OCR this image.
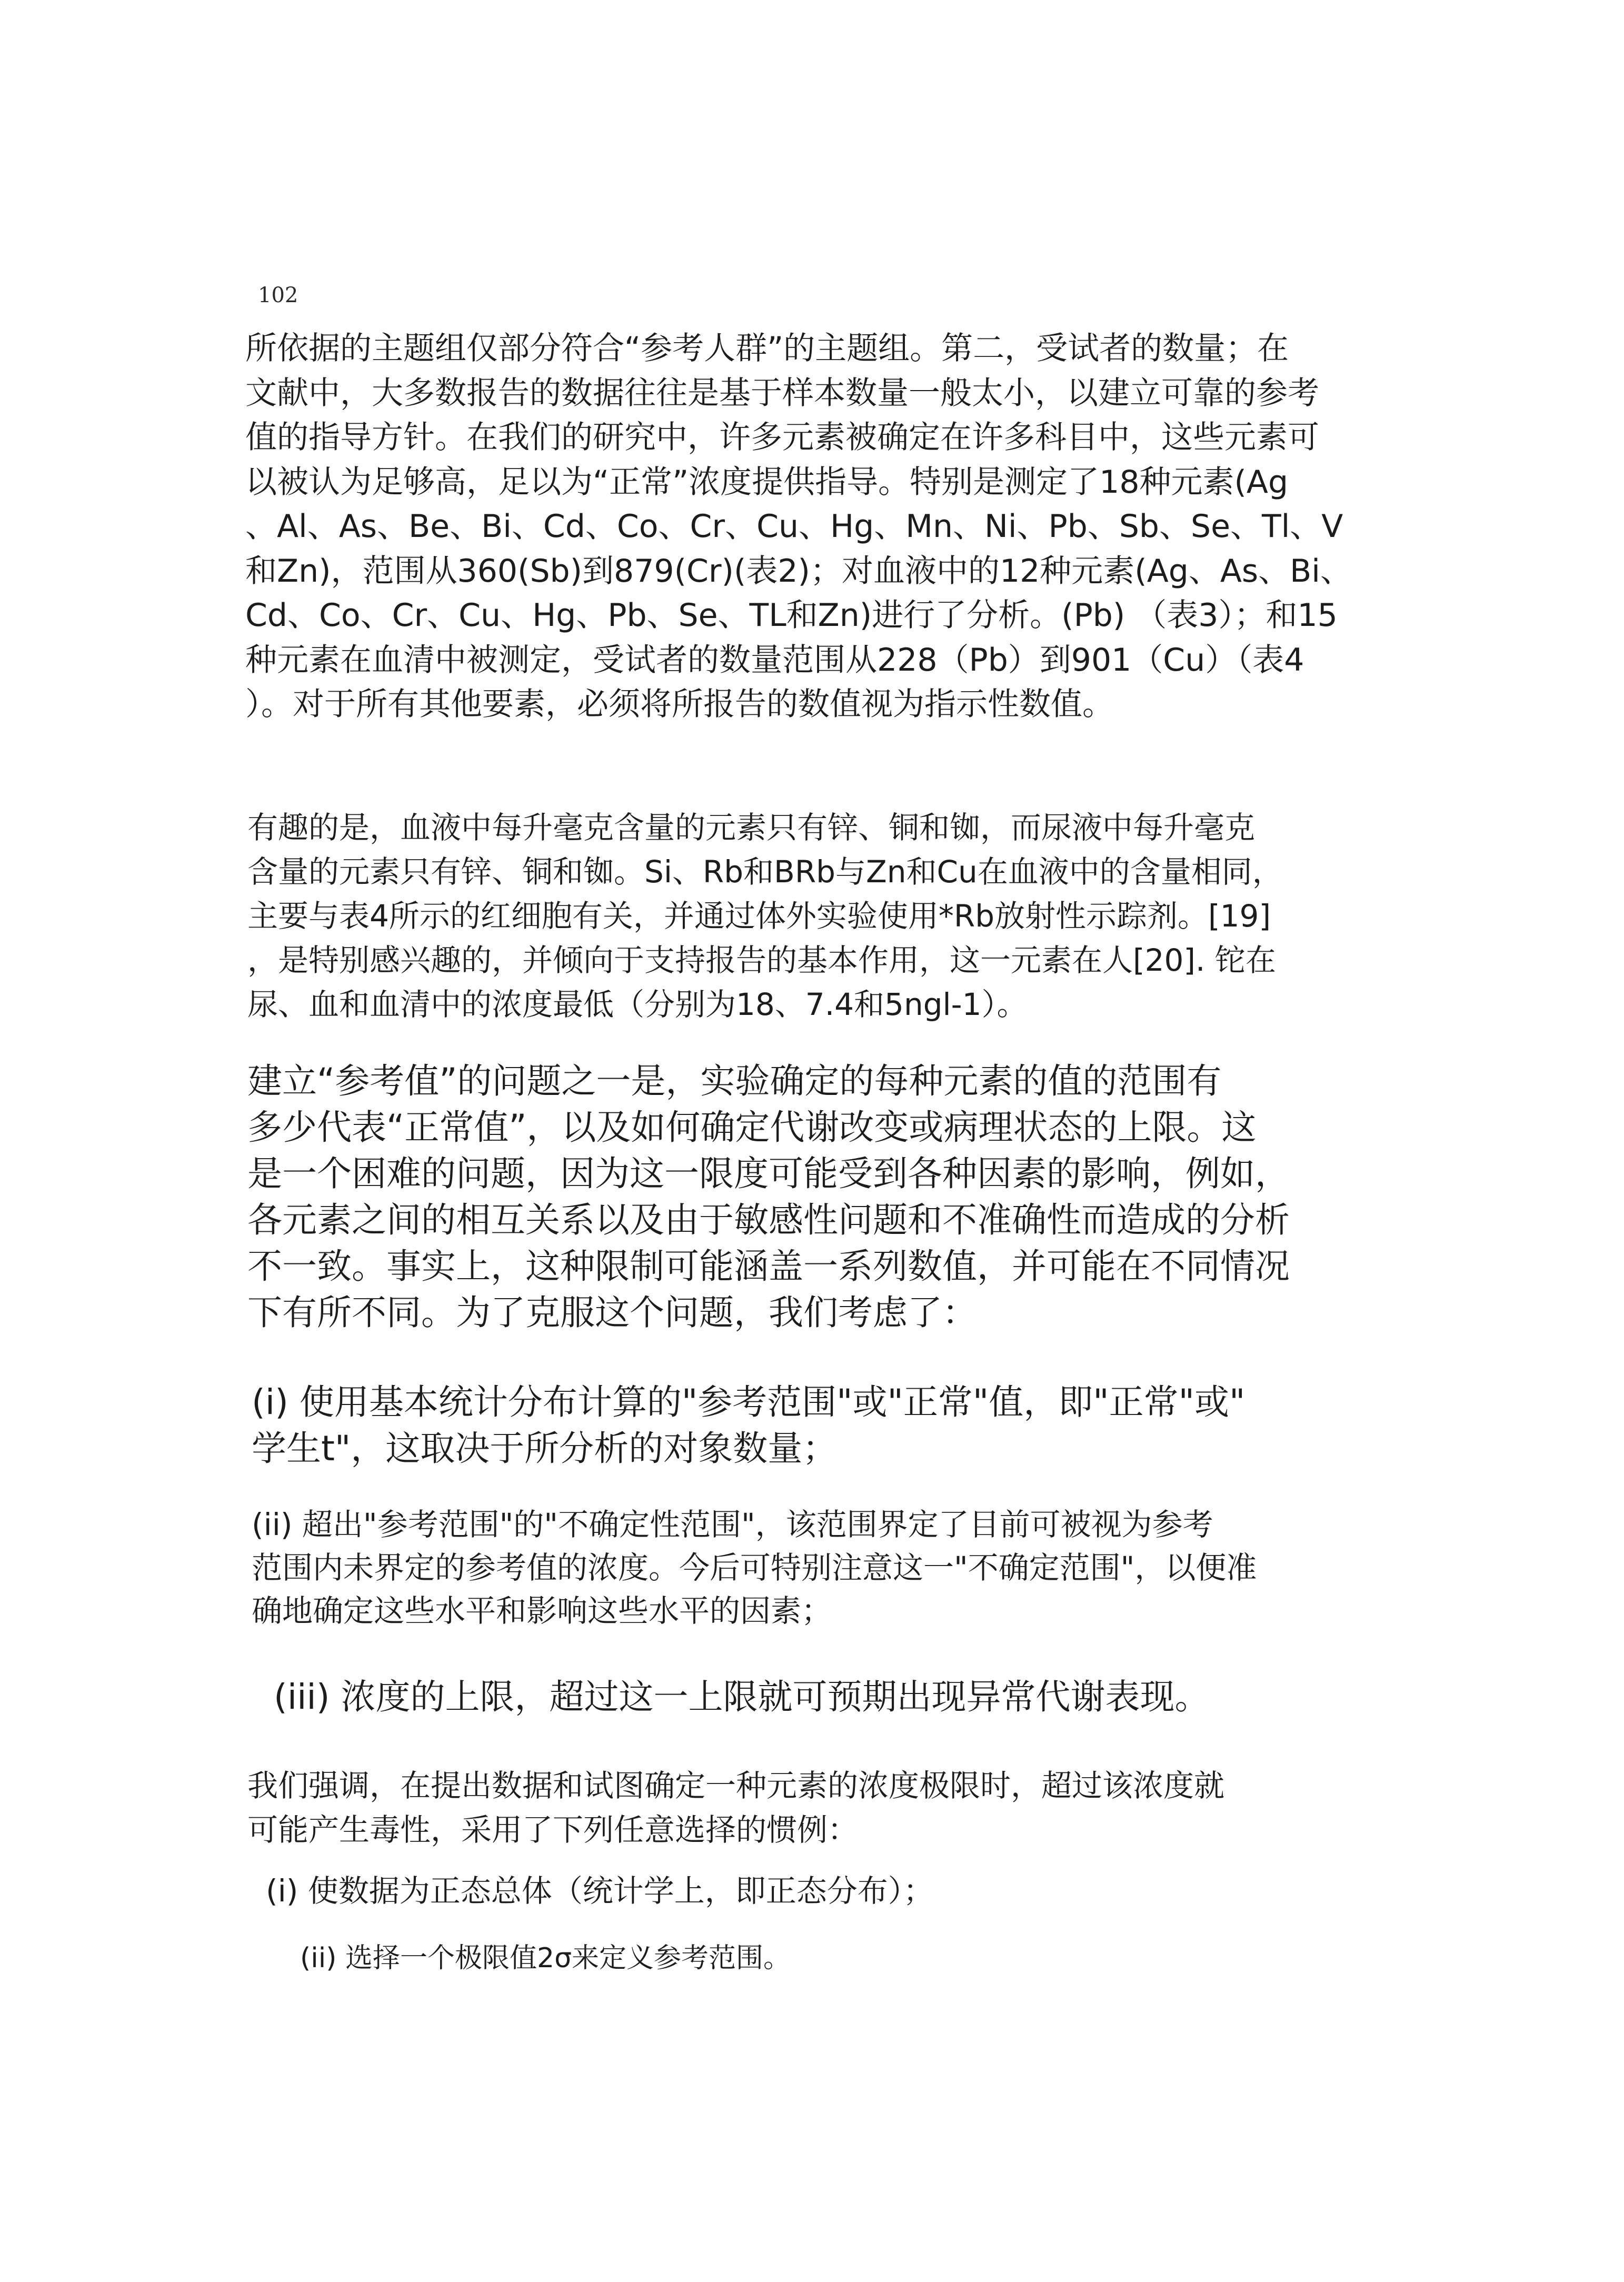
102

所依据的主题组仅部分符合“参考人群”的主题组。第二，受试者的数量；在
文献中，大多数报告的数据往往是基于样本数量一般太小，以建立可靠的参考
值的指导方针。在我们的研究中，许多元素被确定在许多科目中，这些元素可
以被认为足够高，足以为“正常”浓度提供指导。特别是测定了18种元素(Ag
、Al、As、Be、Bi、Cd、Co、Cr、Cu、Hg、Mn、Ni、Pb、Sb、Se、Tl、V
和Zn)，范围从360(Sb)到879(Cr)(表2)；对血液中的12种元素(Ag、As、Bi、
Cd、Co、Cr、Cu、Hg、Pb、Se、TL和Zn)进行了分析。(Pb) （表3）；和15
种元素在血清中被测定，受试者的数量范围从228（Pb）到901（Cu）（表4
）。对于所有其他要素，必须将所报告的数值视为指示性数值。

有趣的是，血液中每升毫克含量的元素只有锌、铜和铷，而尿液中每升毫克
含量的元素只有锌、铜和铷。Si、Rb和BRb与Zn和Cu在血液中的含量相同，
主要与表4所示的红细胞有关，并通过体外实验使用*Rb放射性示踪剂。[19]
，是特别感兴趣的，并倾向于支持报告的基本作用，这一元素在人[20]. 铊在
尿、血和血清中的浓度最低（分别为18、7.4和5ngl-1）。

建立“参考值”的问题之一是，实验确定的每种元素的值的范围有
多少代表“正常值”，以及如何确定代谢改变或病理状态的上限。这
是一个困难的问题，因为这一限度可能受到各种因素的影响，例如，
各元素之间的相互关系以及由于敏感性问题和不准确性而造成的分析
不一致。事实上，这种限制可能涵盖一系列数值，并可能在不同情况
下有所不同。为了克服这个问题，我们考虑了：

(i) 使用基本统计分布计算的"参考范围"或"正常"值，即"正常"或"
学生t"，这取决于所分析的对象数量；

(ii) 超出"参考范围"的"不确定性范围"，该范围界定了目前可被视为参考
范围内未界定的参考值的浓度。今后可特别注意这一"不确定范围"，以便准
确地确定这些水平和影响这些水平的因素；

(iii) 浓度的上限，超过这一上限就可预期出现异常代谢表现。

我们强调，在提出数据和试图确定一种元素的浓度极限时，超过该浓度就
可能产生毒性，采用了下列任意选择的惯例：

(i) 使数据为正态总体（统计学上，即正态分布）；

(ii) 选择一个极限值2σ来定义参考范围。
